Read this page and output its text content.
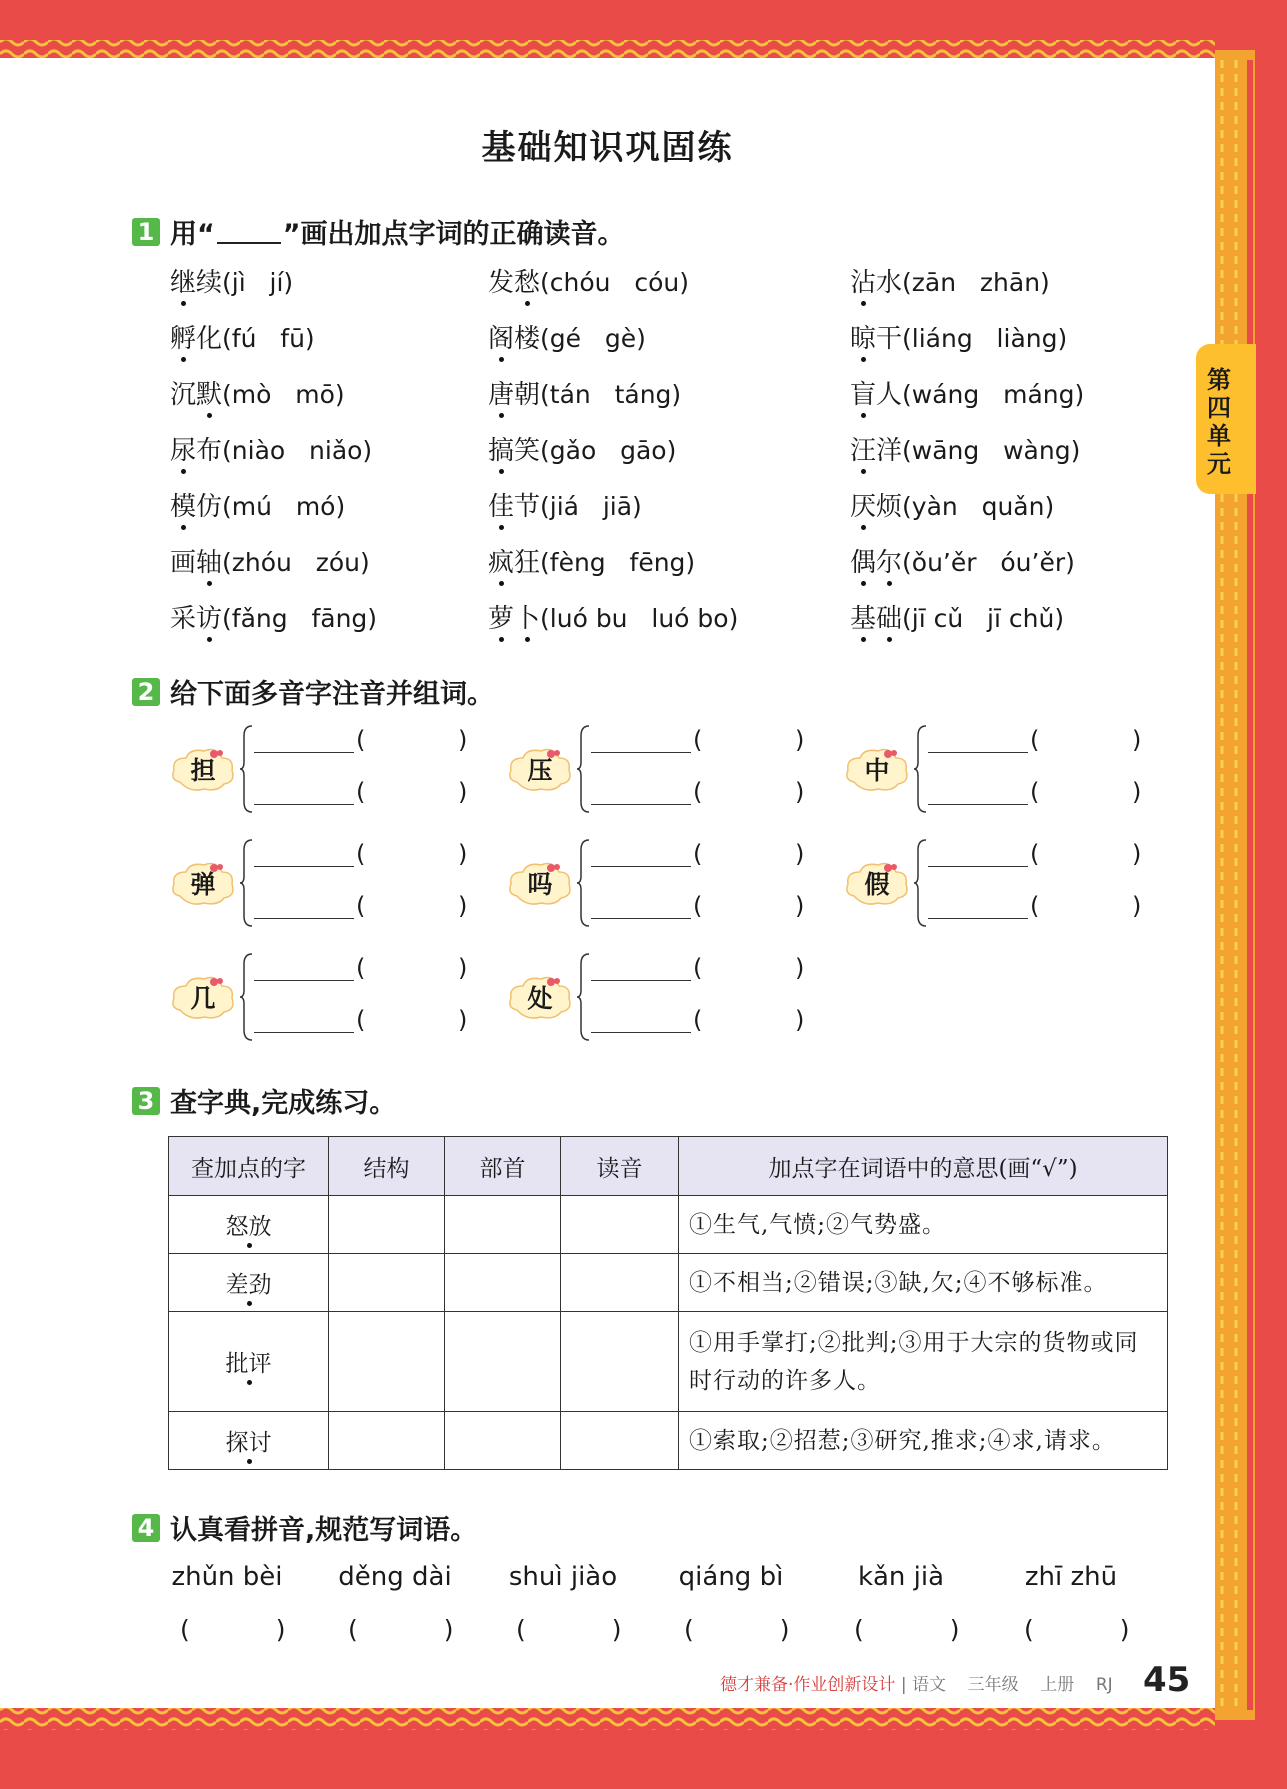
基础知识巩固练
1 用“	”画出加点字词的正确读音。
继续(jì   jí)	发愁(chóu   cóu)	沾水(zān   zhān)
孵化(fú   fū)	阁楼(gé   gè)	晾干(liáng   liàng)
沉默(mò   mō)	唐朝(tán   táng)	盲人(wáng   máng)
尿布(niào   niǎo)	搞笑(gǎo   gāo)	汪洋(wāng   wàng)
模仿(mú   mó)	佳节(jiá   jiā)	厌烦(yàn   quǎn)
画轴(zhóu   zóu)	疯狂(fèng   fēng)	偶尔(ǒu’ěr   óu’ěr)
采访(fǎng   fāng)	萝卜(luó bu   luó bo)	基础(jī cǔ   jī chǔ)
2 给下面多音字注音并组词。
担
(	)
(	)
压
(	)
(	)
中
(	)
(	)
弹
(	)
(	)
吗
(	)
(	)
假
(	)
(	)
几
(	)
(	)
处
(	)
(	)
3 查字典,完成练习。
查加点的字	结构	部首	读音	加点字在词语中的意思(画“√”)
怒放				①生气,气愤;②气势盛。
差劲				①不相当;②错误;③缺,欠;④不够标准。
批评				①用手掌打;②批判;③用于大宗的货物或同时行动的许多人。
探讨				①索取;②招惹;③研究,推求;④求,请求。
4 认真看拼音,规范写词语。
zhǔn bèi
(	)
děng dài
(	)
shuì jiào
(	)
qiáng bì
(	)
kǎn jià
(	)
zhī zhū
(	)
第
四
单
元
德才兼备·作业创新设计 | 语文 三年级 上册 RJ 45
